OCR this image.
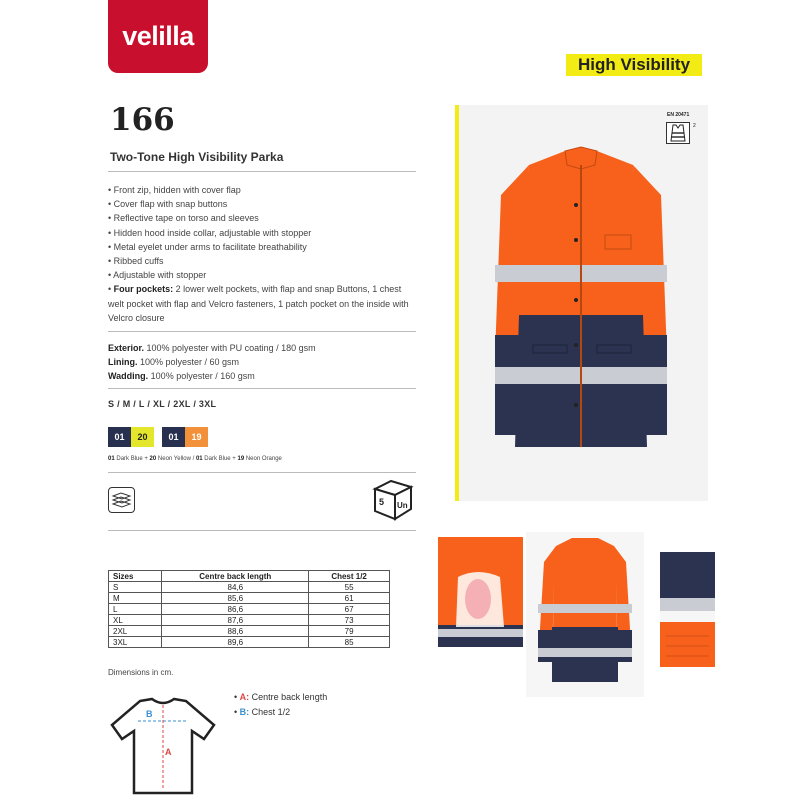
velilla
High Visibility
166
Two-Tone High Visibility Parka
• Front zip, hidden with cover flap
• Cover flap with snap buttons
• Reflective tape on torso and sleeves
• Hidden hood inside collar, adjustable with stopper
• Metal eyelet under arms to facilitate breathability
• Ribbed cuffs
• Adjustable with stopper
• Four pockets: 2 lower welt pockets, with flap and snap Buttons, 1 chest welt pocket with flap and Velcro fasteners, 1 patch pocket on the inside with Velcro closure
Exterior. 100% polyester with PU coating / 180 gsm
Lining. 100% polyester / 60 gsm
Wadding. 100% polyester / 160 gsm
S / M / L / XL / 2XL / 3XL
01	20	01	19
01 Dark Blue + 20 Neon Yellow / 01 Dark Blue + 19 Neon Orange
5 Un
EN 20471
2
Sizes	Centre back length	Chest 1/2
S	84,6	55
M	85,6	61
L	86,6	67
XL	87,6	73
2XL	88,6	79
3XL	89,6	85
Dimensions in cm.
B
A
• A: Centre back length
• B: Chest 1/2
